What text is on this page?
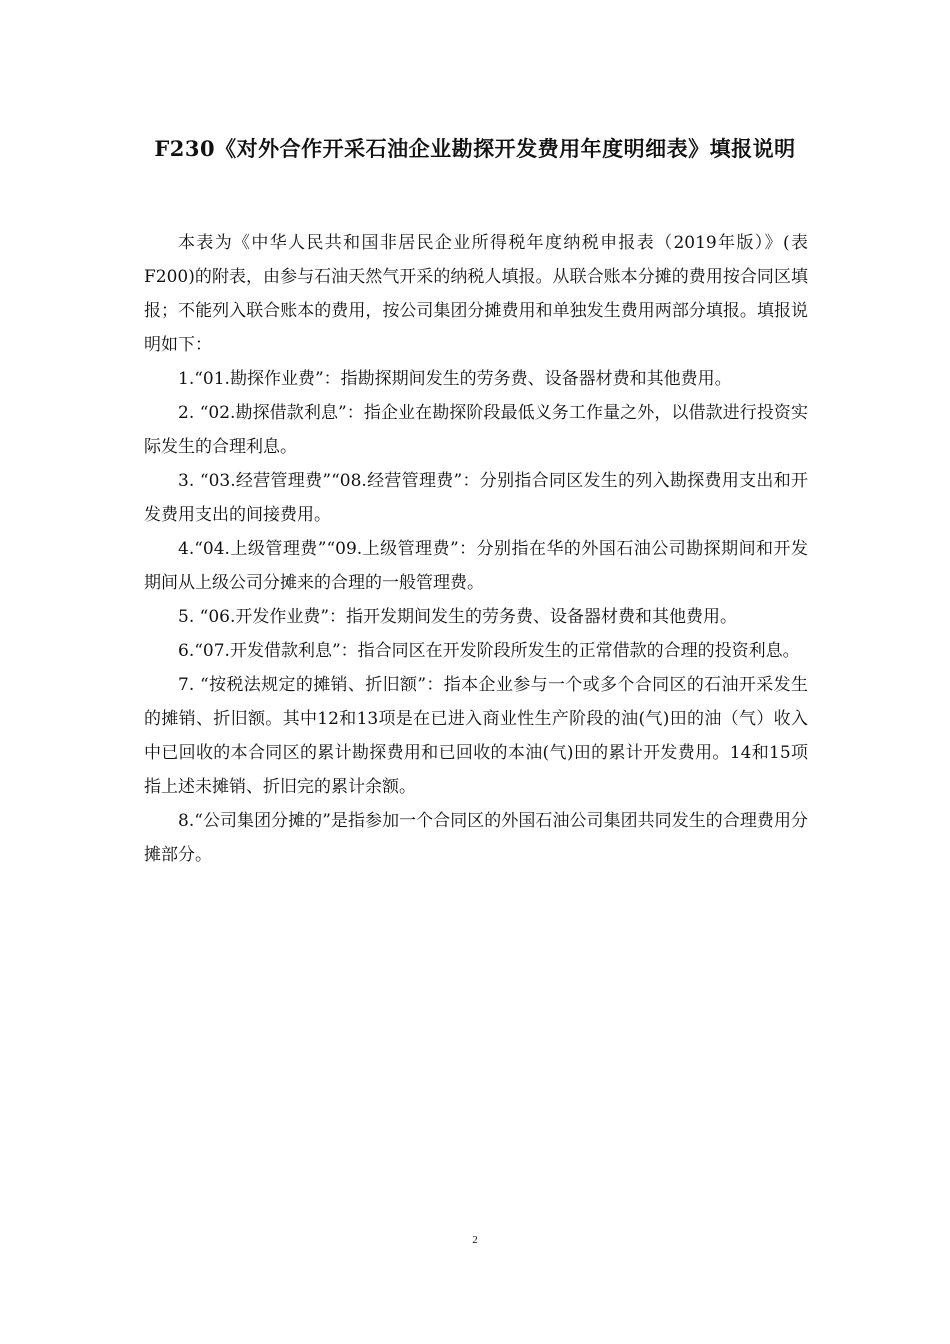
F230《对外合作开采石油企业勘探开发费用年度明细表》填报说明

本表为《中华人民共和国非居民企业所得税年度纳税申报表（2019年版）》(表F200)的附表，由参与石油天然气开采的纳税人填报。从联合账本分摊的费用按合同区填报；不能列入联合账本的费用，按公司集团分摊费用和单独发生费用两部分填报。填报说明如下：

1.“01.勘探作业费”：指勘探期间发生的劳务费、设备器材费和其他费用。

2. “02.勘探借款利息”：指企业在勘探阶段最低义务工作量之外，以借款进行投资实际发生的合理利息。

3. “03.经营管理费”“08.经营管理费”：分别指合同区发生的列入勘探费用支出和开发费用支出的间接费用。

4.“04.上级管理费”“09.上级管理费”：分别指在华的外国石油公司勘探期间和开发期间从上级公司分摊来的合理的一般管理费。

5. “06.开发作业费”：指开发期间发生的劳务费、设备器材费和其他费用。

6.“07.开发借款利息”：指合同区在开发阶段所发生的正常借款的合理的投资利息。

7. “按税法规定的摊销、折旧额”：指本企业参与一个或多个合同区的石油开采发生的摊销、折旧额。其中12和13项是在已进入商业性生产阶段的油(气)田的油（气）收入中已回收的本合同区的累计勘探费用和已回收的本油(气)田的累计开发费用。14和15项指上述未摊销、折旧完的累计余额。

8.“公司集团分摊的”是指参加一个合同区的外国石油公司集团共同发生的合理费用分摊部分。

2
